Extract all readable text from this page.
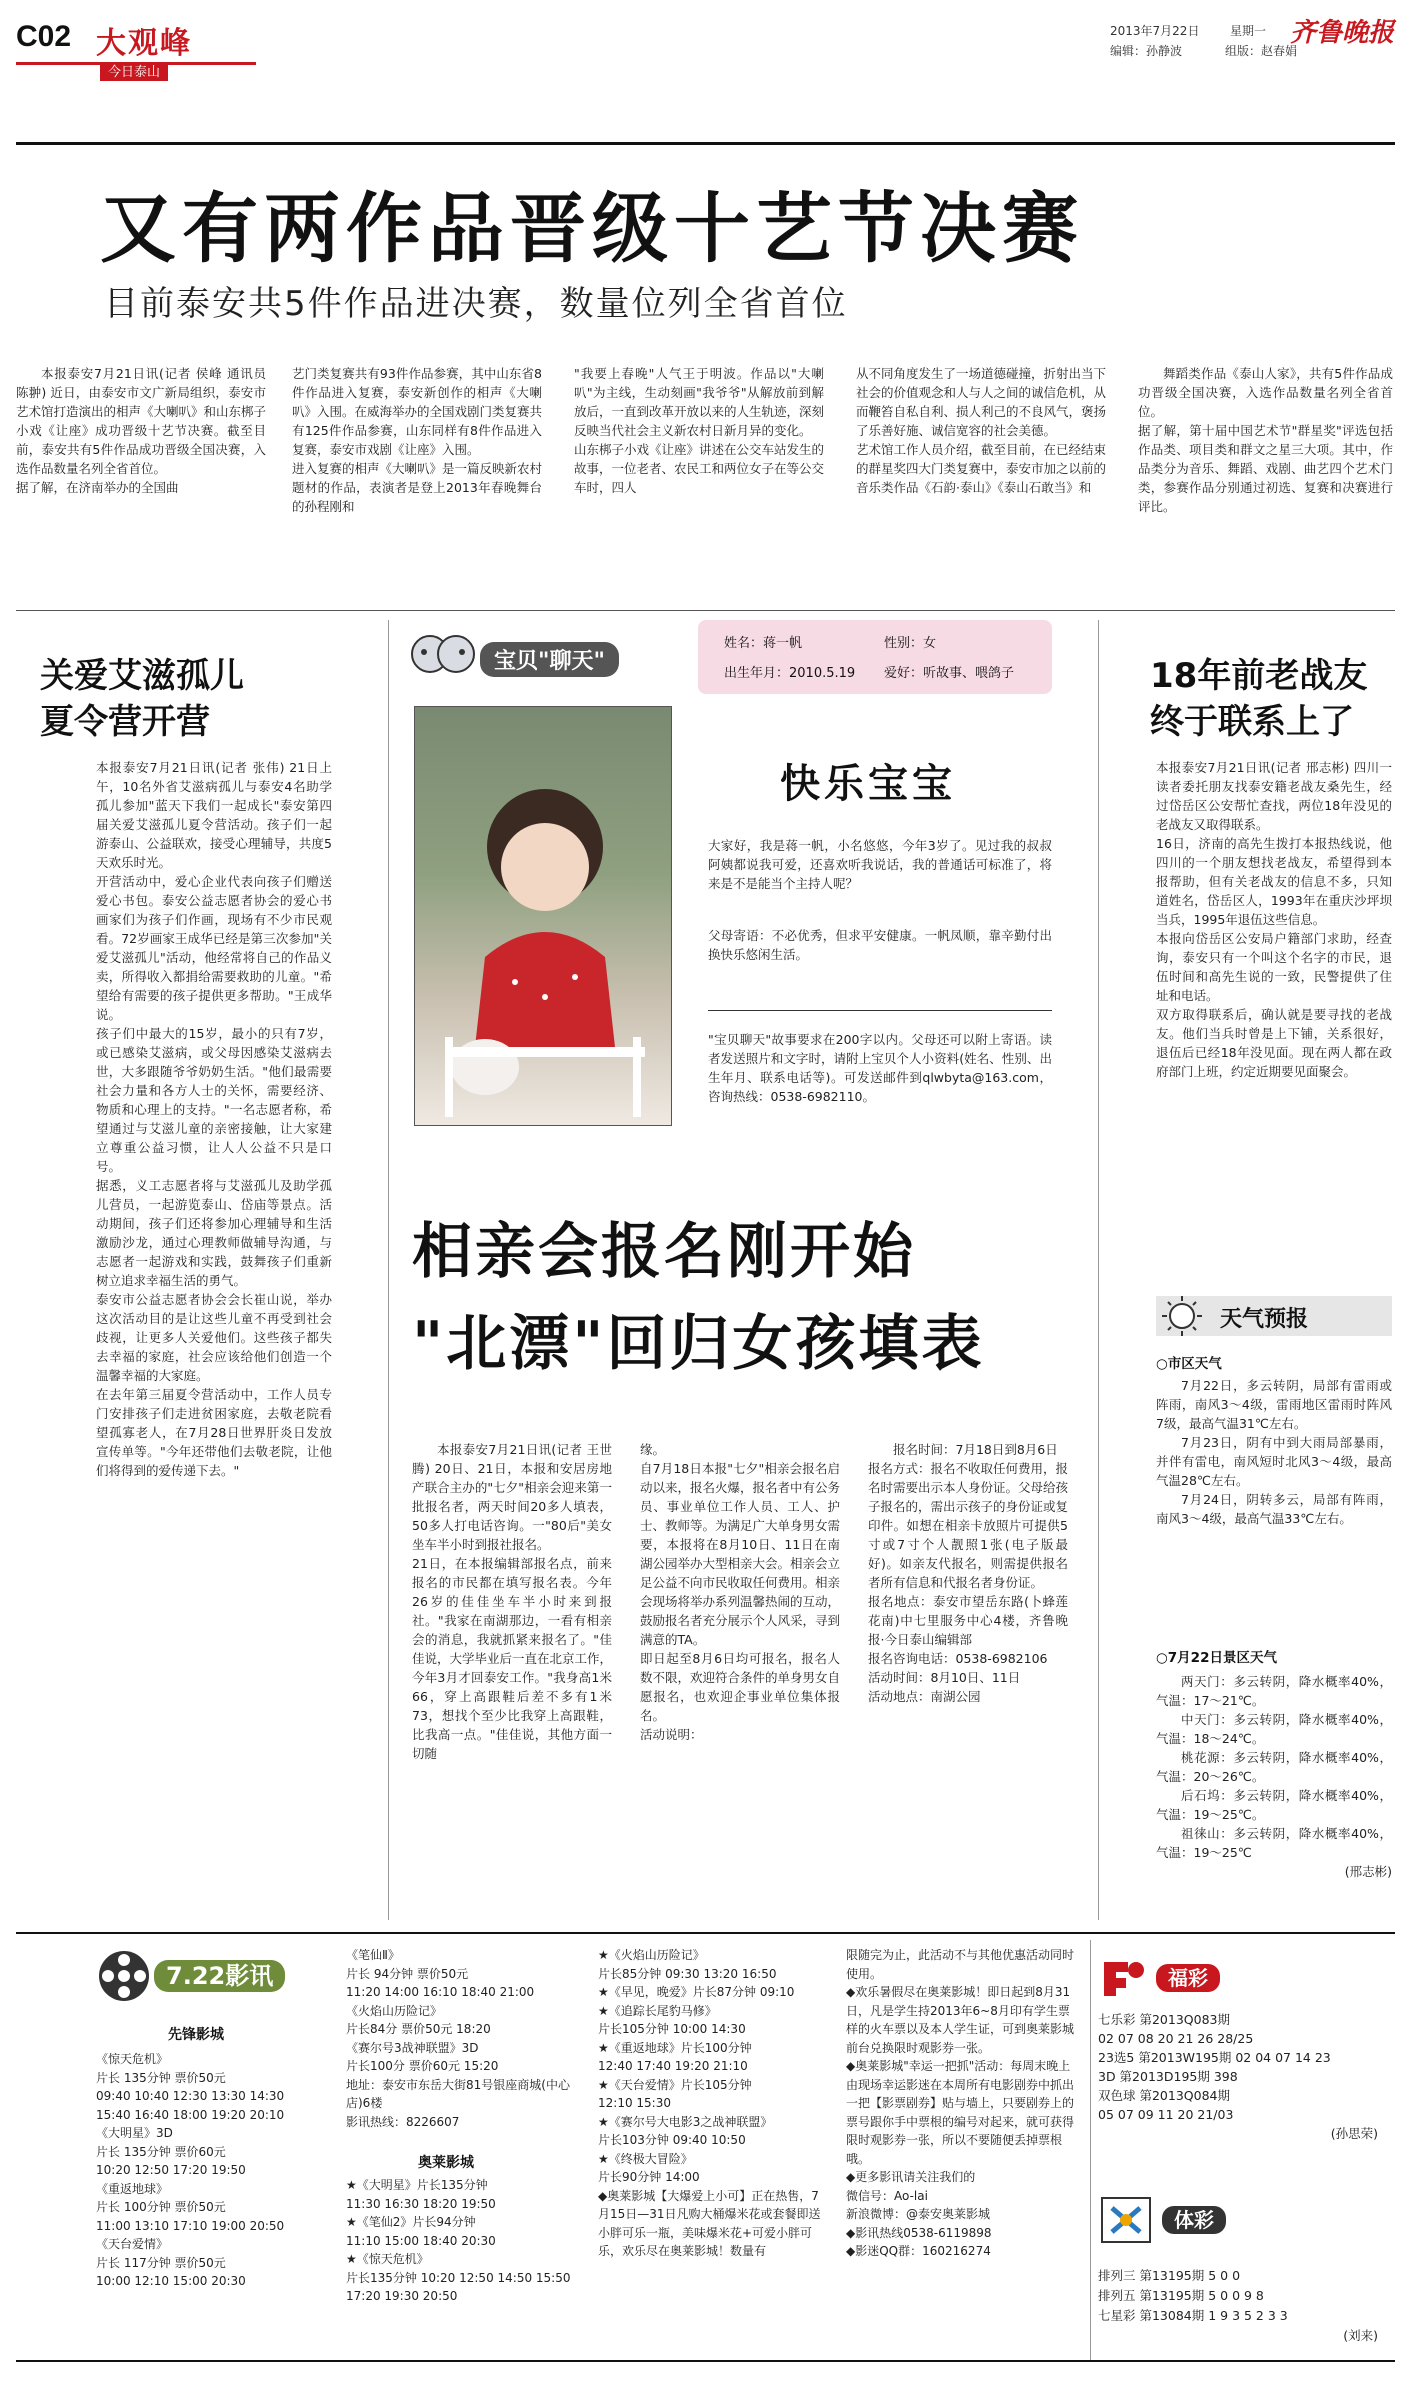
C02 大观峰
今日泰山
2013年7月22日	星期一 齐鲁晚报
编辑：孙静波	组版：赵春娟
又有两作品晋级十艺节决赛
目前泰安共5件作品进决赛，数量位列全省首位
本报泰安7月21日讯(记者 侯峰 通讯员 陈翀) 近日，由泰安市文广新局组织，泰安市艺术馆打造演出的相声《大喇叭》和山东梆子小戏《让座》成功晋级十艺节决赛。截至目前，泰安共有5件作品成功晋级全国决赛，入选作品数量名列全省首位。
据了解，在济南举办的全国曲
艺门类复赛共有93件作品参赛，其中山东省8件作品进入复赛，泰安新创作的相声《大喇叭》入围。在威海举办的全国戏剧门类复赛共有125件作品参赛，山东同样有8件作品进入复赛，泰安市戏剧《让座》入围。
进入复赛的相声《大喇叭》是一篇反映新农村题材的作品，表演者是登上2013年春晚舞台的孙程刚和
"我要上春晚"人气王于明波。作品以"大喇叭"为主线，生动刻画"我爷爷"从解放前到解放后，一直到改革开放以来的人生轨迹，深刻反映当代社会主义新农村日新月异的变化。
山东梆子小戏《让座》讲述在公交车站发生的故事，一位老者、农民工和两位女子在等公交车时，四人
从不同角度发生了一场道德碰撞，折射出当下社会的价值观念和人与人之间的诚信危机，从而鞭笞自私自利、损人利己的不良风气，褒扬了乐善好施、诚信宽容的社会美德。
艺术馆工作人员介绍，截至目前，在已经结束的群星奖四大门类复赛中，泰安市加之以前的音乐类作品《石韵·泰山》《泰山石敢当》和
舞蹈类作品《泰山人家》，共有5件作品成功晋级全国决赛，入选作品数量名列全省首位。
据了解，第十届中国艺术节"群星奖"评选包括作品类、项目类和群文之星三大项。其中，作品类分为音乐、舞蹈、戏剧、曲艺四个艺术门类，参赛作品分别通过初选、复赛和决赛进行评比。
关爱艾滋孤儿
夏令营开营
本报泰安7月21日讯(记者 张伟) 21日上午，10名外省艾滋病孤儿与泰安4名助学孤儿参加"蓝天下我们一起成长"泰安第四届关爱艾滋孤儿夏令营活动。孩子们一起游泰山、公益联欢，接受心理辅导，共度5天欢乐时光。
开营活动中，爱心企业代表向孩子们赠送爱心书包。泰安公益志愿者协会的爱心书画家们为孩子们作画，现场有不少市民观看。72岁画家王成华已经是第三次参加"关爱艾滋孤儿"活动，他经常将自己的作品义卖，所得收入都捐给需要救助的儿童。"希望给有需要的孩子提供更多帮助。"王成华说。
孩子们中最大的15岁，最小的只有7岁，或已感染艾滋病，或父母因感染艾滋病去世，大多跟随爷爷奶奶生活。"他们最需要社会力量和各方人士的关怀，需要经济、物质和心理上的支持。"一名志愿者称，希望通过与艾滋儿童的亲密接触，让大家建立尊重公益习惯，让人人公益不只是口号。
据悉，义工志愿者将与艾滋孤儿及助学孤儿营员，一起游览泰山、岱庙等景点。活动期间，孩子们还将参加心理辅导和生活激励沙龙，通过心理教师做辅导沟通，与志愿者一起游戏和实践，鼓舞孩子们重新树立追求幸福生活的勇气。
泰安市公益志愿者协会会长崔山说，举办这次活动目的是让这些儿童不再受到社会歧视，让更多人关爱他们。这些孩子都失去幸福的家庭，社会应该给他们创造一个温馨幸福的大家庭。
在去年第三届夏令营活动中，工作人员专门安排孩子们走进贫困家庭，去敬老院看望孤寡老人，在7月28日世界肝炎日发放宣传单等。"今年还带他们去敬老院，让他们将得到的爱传递下去。"
宝贝"聊天"
姓名：蒋一帆	性别：女
出生年月：2010.5.19 爱好：听故事、喂鸽子
快乐宝宝
大家好，我是蒋一帆，小名悠悠，今年3岁了。见过我的叔叔阿姨都说我可爱，还喜欢听我说话，我的普通话可标准了，将来是不是能当个主持人呢？
父母寄语：不必优秀，但求平安健康。一帆凤顺，靠辛勤付出换快乐悠闲生活。
"宝贝聊天"故事要求在200字以内。父母还可以附上寄语。读者发送照片和文字时，请附上宝贝个人小资料(姓名、性别、出生年月、联系电话等)。可发送邮件到qlwbyta@163.com，咨询热线：0538-6982110。
18年前老战友
终于联系上了
本报泰安7月21日讯(记者 邢志彬) 四川一读者委托朋友找泰安籍老战友桑先生，经过岱岳区公安帮忙查找，两位18年没见的老战友又取得联系。
16日，济南的高先生拨打本报热线说，他四川的一个朋友想找老战友，希望得到本报帮助，但有关老战友的信息不多，只知道姓名，岱岳区人，1993年在重庆沙坪坝当兵，1995年退伍这些信息。
本报向岱岳区公安局户籍部门求助，经查询，泰安只有一个叫这个名字的市民，退伍时间和高先生说的一致，民警提供了住址和电话。
双方取得联系后，确认就是要寻找的老战友。他们当兵时曾是上下铺，关系很好，退伍后已经18年没见面。现在两人都在政府部门上班，约定近期要见面聚会。
天气预报
○市区天气
7月22日，多云转阴，局部有雷雨或阵雨，南风3～4级，雷雨地区雷雨时阵风7级，最高气温31℃左右。
7月23日，阴有中到大雨局部暴雨，并伴有雷电，南风短时北风3～4级，最高气温28℃左右。
7月24日，阴转多云，局部有阵雨，南风3～4级，最高气温33℃左右。
○7月22日景区天气
两天门：多云转阴，降水概率40%，气温：17～21℃。
中天门：多云转阴，降水概率40%，气温：18～24℃。
桃花源：多云转阴，降水概率40%，气温：20～26℃。
后石坞：多云转阴，降水概率40%，气温：19～25℃。
祖徕山：多云转阴，降水概率40%，气温：19～25℃
(邢志彬)
相亲会报名刚开始
"北漂"回归女孩填表
本报泰安7月21日讯(记者 王世腾) 20日、21日，本报和安居房地产联合主办的"七夕"相亲会迎来第一批报名者，两天时间20多人填表，50多人打电话咨询。一"80后"美女坐车半小时到报社报名。
21日，在本报编辑部报名点，前来报名的市民都在填写报名表。今年26岁的佳佳坐车半小时来到报社。"我家在南湖那边，一看有相亲会的消息，我就抓紧来报名了。"佳佳说，大学毕业后一直在北京工作，今年3月才回泰安工作。"我身高1米66，穿上高跟鞋后差不多有1米73，想找个至少比我穿上高跟鞋，比我高一点。"佳佳说，其他方面一切随
缘。
自7月18日本报"七夕"相亲会报名启动以来，报名火爆，报名者中有公务员、事业单位工作人员、工人、护士、教师等。为满足广大单身男女需要，本报将在8月10日、11日在南湖公园举办大型相亲大会。相亲会立足公益不向市民收取任何费用。相亲会现场将举办系列温馨热闹的互动，鼓励报名者充分展示个人风采，寻到满意的TA。
即日起至8月6日均可报名，报名人数不限，欢迎符合条件的单身男女自愿报名，也欢迎企事业单位集体报名。
活动说明：
报名时间：7月18日到8月6日
报名方式：报名不收取任何费用，报名时需要出示本人身份证。父母给孩子报名的，需出示孩子的身份证或复印件。如想在相亲卡放照片可提供5寸或7寸个人靓照1张(电子版最好)。如亲友代报名，则需提供报名者所有信息和代报名者身份证。
报名地点：泰安市望岳东路(卜蜂莲花南)中七里服务中心4楼，齐鲁晚报·今日泰山编辑部
报名咨询电话：0538-6982106
活动时间：8月10日、11日
活动地点：南湖公园
7.22影讯
先锋影城
《惊天危机》
片长 135分钟 票价50元
09:40 10:40 12:30 13:30 14:30 15:40 16:40 18:00 19:20 20:10
《大明星》3D
片长 135分钟 票价60元
10:20 12:50 17:20 19:50
《重返地球》
片长 100分钟 票价50元
11:00 13:10 17:10 19:00 20:50
《天台爱情》
片长 117分钟 票价50元
10:00 12:10 15:00 20:30
《笔仙Ⅱ》
片长 94分钟 票价50元
11:20 14:00 16:10 18:40 21:00
《火焰山历险记》
片长84分 票价50元 18:20
《赛尔号3战神联盟》3D
片长100分 票价60元 15:20
地址：泰安市东岳大街81号银座商城(中心店)6楼
影讯热线：8226607
奥莱影城
★《大明星》片长135分钟
11:30 16:30 18:20 19:50
★《笔仙2》片长94分钟
11:10 15:00 18:40 20:30
★《惊天危机》
片长135分钟 10:20 12:50 14:50 15:50 17:20 19:30 20:50
★《火焰山历险记》
片长85分钟 09:30 13:20 16:50
★《早见，晚爱》片长87分钟 09:10
★《追踪长尾豹马修》
片长105分钟 10:00 14:30
★《重返地球》片长100分钟
12:40 17:40 19:20 21:10
★《天台爱情》片长105分钟
12:10 15:30
★《赛尔号大电影3之战神联盟》
片长103分钟 09:40 10:50
★《终极大冒险》
片长90分钟 14:00
◆奥莱影城【大爆爱上小可】正在热售，7月15日—31日凡购大桶爆米花或套餐即送小胖可乐一瓶，美味爆米花+可爱小胖可乐，欢乐尽在奥莱影城！数量有
限随完为止，此活动不与其他优惠活动同时使用。
◆欢乐暑假尽在奥莱影城！即日起到8月31日，凡是学生持2013年6~8月印有学生票样的火车票以及本人学生证，可到奥莱影城前台兑换限时观影券一张。
◆奥莱影城"幸运一把抓"活动：每周末晚上由现场幸运影迷在本周所有电影剧券中抓出一把【影票剧券】贴与墙上，只要剧券上的票号跟你手中票根的编号对起来，就可获得限时观影券一张，所以不要随便丢掉票根哦。
◆更多影讯请关注我们的
微信号：Ao-lai
新浪微博：@泰安奥莱影城
◆影讯热线0538-6119898
◆影迷QQ群：160216274
福彩
七乐彩 第2013Q083期
02 07 08 20 21 26 28/25
23选5 第2013W195期 02 04 07 14 23
3D 第2013D195期 398
双色球 第2013Q084期
05 07 09 11 20 21/03
(孙思荣)
体彩
排列三 第13195期 5 0 0
排列五 第13195期 5 0 0 9 8
七星彩 第13084期 1 9 3 5 2 3 3
(刘来)
